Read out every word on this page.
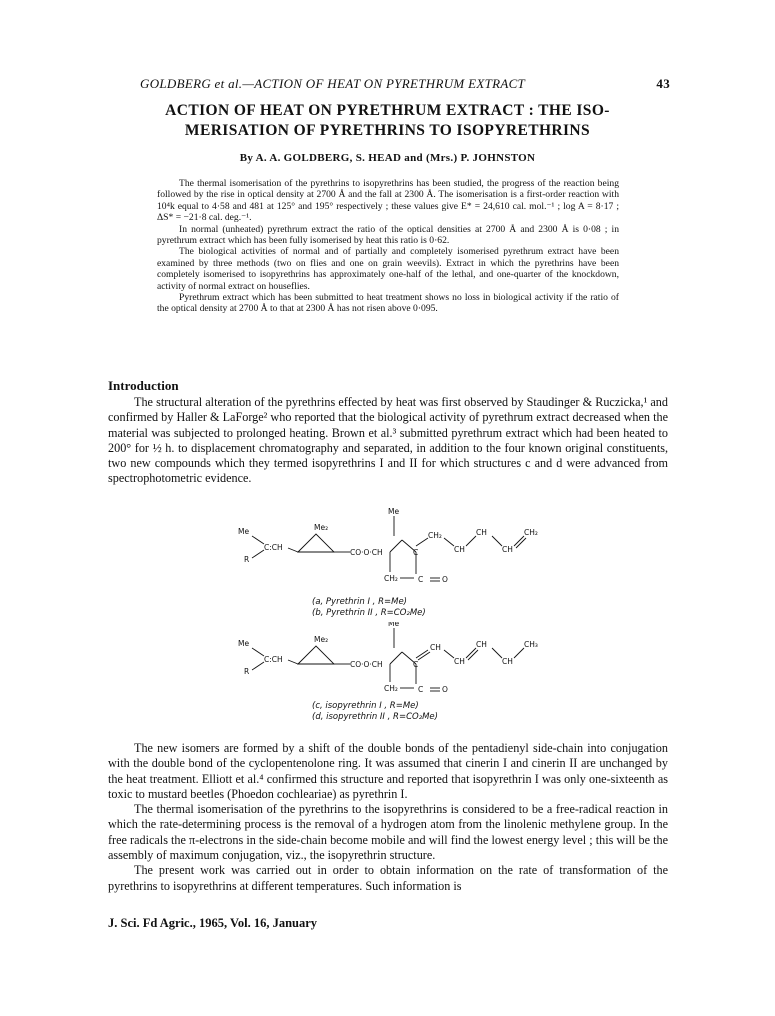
GOLDBERG et al.—ACTION OF HEAT ON PYRETHRUM EXTRACT	43
ACTION OF HEAT ON PYRETHRUM EXTRACT : THE ISO-
MERISATION OF PYRETHRINS TO ISOPYRETHRINS
By A. A. GOLDBERG, S. HEAD and (Mrs.) P. JOHNSTON

The thermal isomerisation of the pyrethrins to isopyrethrins has been studied, the progress of the reaction being followed by the rise in optical density at 2700 Å and the fall at 2300 Å. The isomerisation is a first-order reaction with 10⁴k equal to 4·58 and 481 at 125° and 195° respectively ; these values give E* = 24,610 cal. mol.⁻¹ ; log A = 8·17 ; ΔS* = −21·8 cal. deg.⁻¹.

In normal (unheated) pyrethrum extract the ratio of the optical densities at 2700 Å and 2300 Å is 0·08 ; in pyrethrum extract which has been fully isomerised by heat this ratio is 0·62.

The biological activities of normal and of partially and completely isomerised pyrethrum extract have been examined by three methods (two on flies and one on grain weevils). Extract in which the pyrethrins have been completely isomerised to isopyrethrins has approximately one-half of the lethal, and one-quarter of the knockdown, activity of normal extract on houseflies.

Pyrethrum extract which has been submitted to heat treatment shows no loss in biological activity if the ratio of the optical density at 2700 Å to that at 2300 Å has not risen above 0·095.

Introduction

The structural alteration of the pyrethrins effected by heat was first observed by Staudinger & Ruczicka,¹ and confirmed by Haller & LaForge² who reported that the biological activity of pyrethrum extract decreased when the material was subjected to prolonged heating. Brown et al.³ submitted pyrethrum extract which had been heated to 200° for ½ h. to displacement chromatography and separated, in addition to the four known original constituents, two new compounds which they termed isopyrethrins I and II for which structures c and d were advanced from spectrophotometric evidence.

Me
Me
R
C:CH
Me₂
CO·O·CH	C
CH₂	C	O
CH₂
CH
CH
CH
CH₂
(a, Pyrethrin I , R=Me)
(b, Pyrethrin II , R=CO₂Me)
Me
Me
R
C:CH
Me₂
CO·O·CH	C
CH₂	C	O
CH
CH
CH
CH
CH₃
(c, isopyrethrin I , R=Me)
(d, isopyrethrin II , R=CO₂Me)

The new isomers are formed by a shift of the double bonds of the pentadienyl side-chain into conjugation with the double bond of the cyclopentenolone ring. It was assumed that cinerin I and cinerin II are unchanged by the heat treatment. Elliott et al.⁴ confirmed this structure and reported that isopyrethrin I was only one-sixteenth as toxic to mustard beetles (Phoedon cochleariae) as pyrethrin I.

The thermal isomerisation of the pyrethrins to the isopyrethrins is considered to be a free-radical reaction in which the rate-determining process is the removal of a hydrogen atom from the linolenic methylene group. In the free radicals the π-electrons in the side-chain become mobile and will find the lowest energy level ; this will be the assembly of maximum conjugation, viz., the isopyrethrin structure.

The present work was carried out in order to obtain information on the rate of transformation of the pyrethrins to isopyrethrins at different temperatures. Such information is

J. Sci. Fd Agric., 1965, Vol. 16, January
